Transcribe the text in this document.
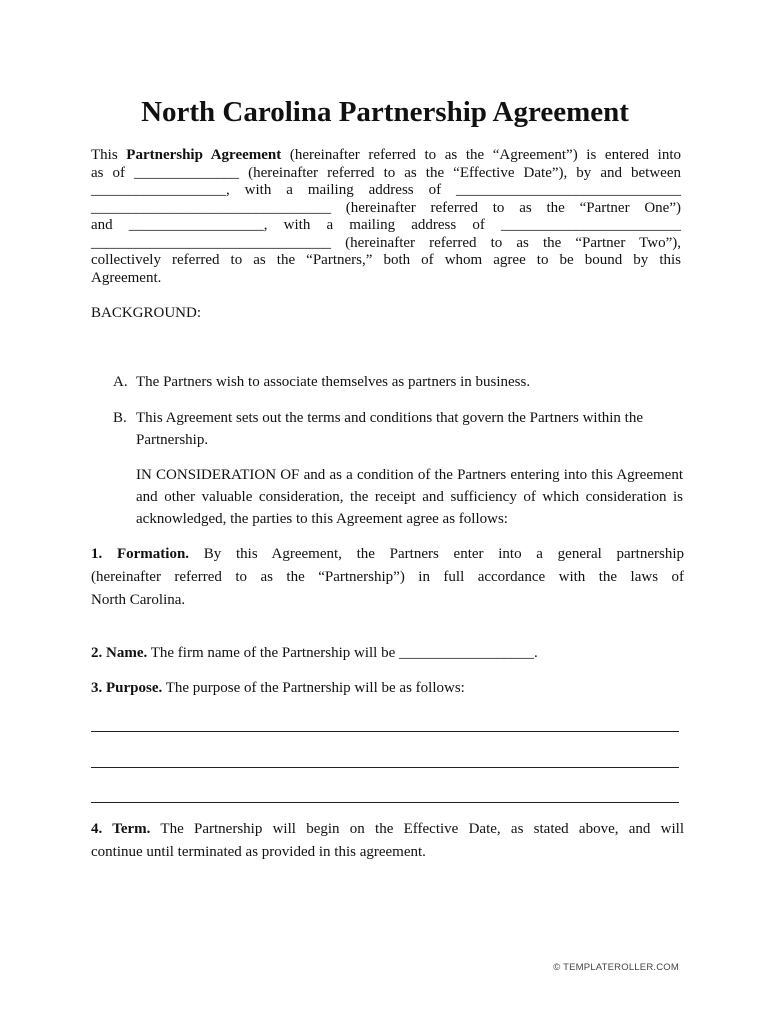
North Carolina Partnership Agreement
This Partnership Agreement (hereinafter referred to as the “Agreement”) is entered into
as of ______________ (hereinafter referred to as the “Effective Date”), by and between
__________________, with a mailing address of ______________________________
________________________________ (hereinafter referred to as the “Partner One”)
and __________________, with a mailing address of ________________________
________________________________ (hereinafter referred to as the “Partner Two”),
collectively referred to as the “Partners,” both of whom agree to be bound by this
Agreement.
BACKGROUND:
A. The Partners wish to associate themselves as partners in business.
B. This Agreement sets out the terms and conditions that govern the Partners within the Partnership.
IN CONSIDERATION OF and as a condition of the Partners entering into this Agreement and other valuable consideration, the receipt and sufficiency of which consideration is acknowledged, the parties to this Agreement agree as follows:
1. Formation. By this Agreement, the Partners enter into a general partnership
(hereinafter referred to as the “Partnership”) in full accordance with the laws of
North Carolina.
2. Name. The firm name of the Partnership will be __________________.
3. Purpose. The purpose of the Partnership will be as follows:
4. Term. The Partnership will begin on the Effective Date, as stated above, and will
continue until terminated as provided in this agreement.
© TEMPLATEROLLER.COM
